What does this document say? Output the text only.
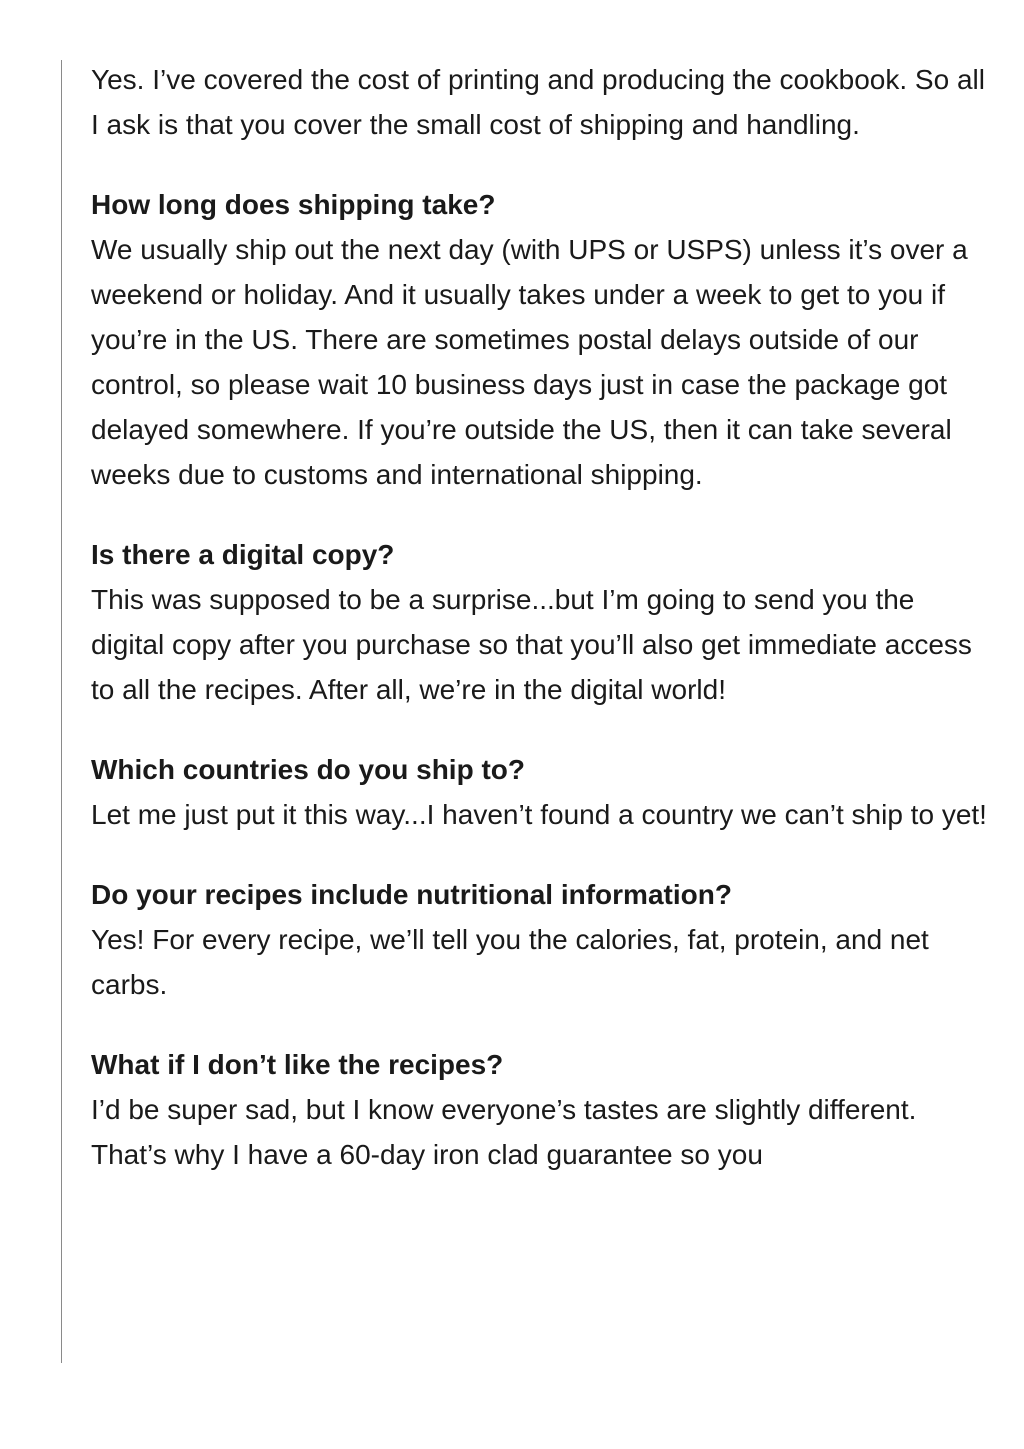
Yes. I’ve covered the cost of printing and producing the cookbook. So all I ask is that you cover the small cost of shipping and handling.

How long does shipping take?

We usually ship out the next day (with UPS or USPS) unless it’s over a weekend or holiday. And it usually takes under a week to get to you if you’re in the US. There are sometimes postal delays outside of our control, so please wait 10 business days just in case the package got delayed somewhere. If you’re outside the US, then it can take several weeks due to customs and international shipping.

Is there a digital copy?

This was supposed to be a surprise...but I’m going to send you the digital copy after you purchase so that you’ll also get immediate access to all the recipes. After all, we’re in the digital world!

Which countries do you ship to?

Let me just put it this way...I haven’t found a country we can’t ship to yet!

Do your recipes include nutritional information?

Yes! For every recipe, we’ll tell you the calories, fat, protein, and net carbs.

What if I don’t like the recipes?

I’d be super sad, but I know everyone’s tastes are slightly different. That’s why I have a 60-day iron clad guarantee so you
